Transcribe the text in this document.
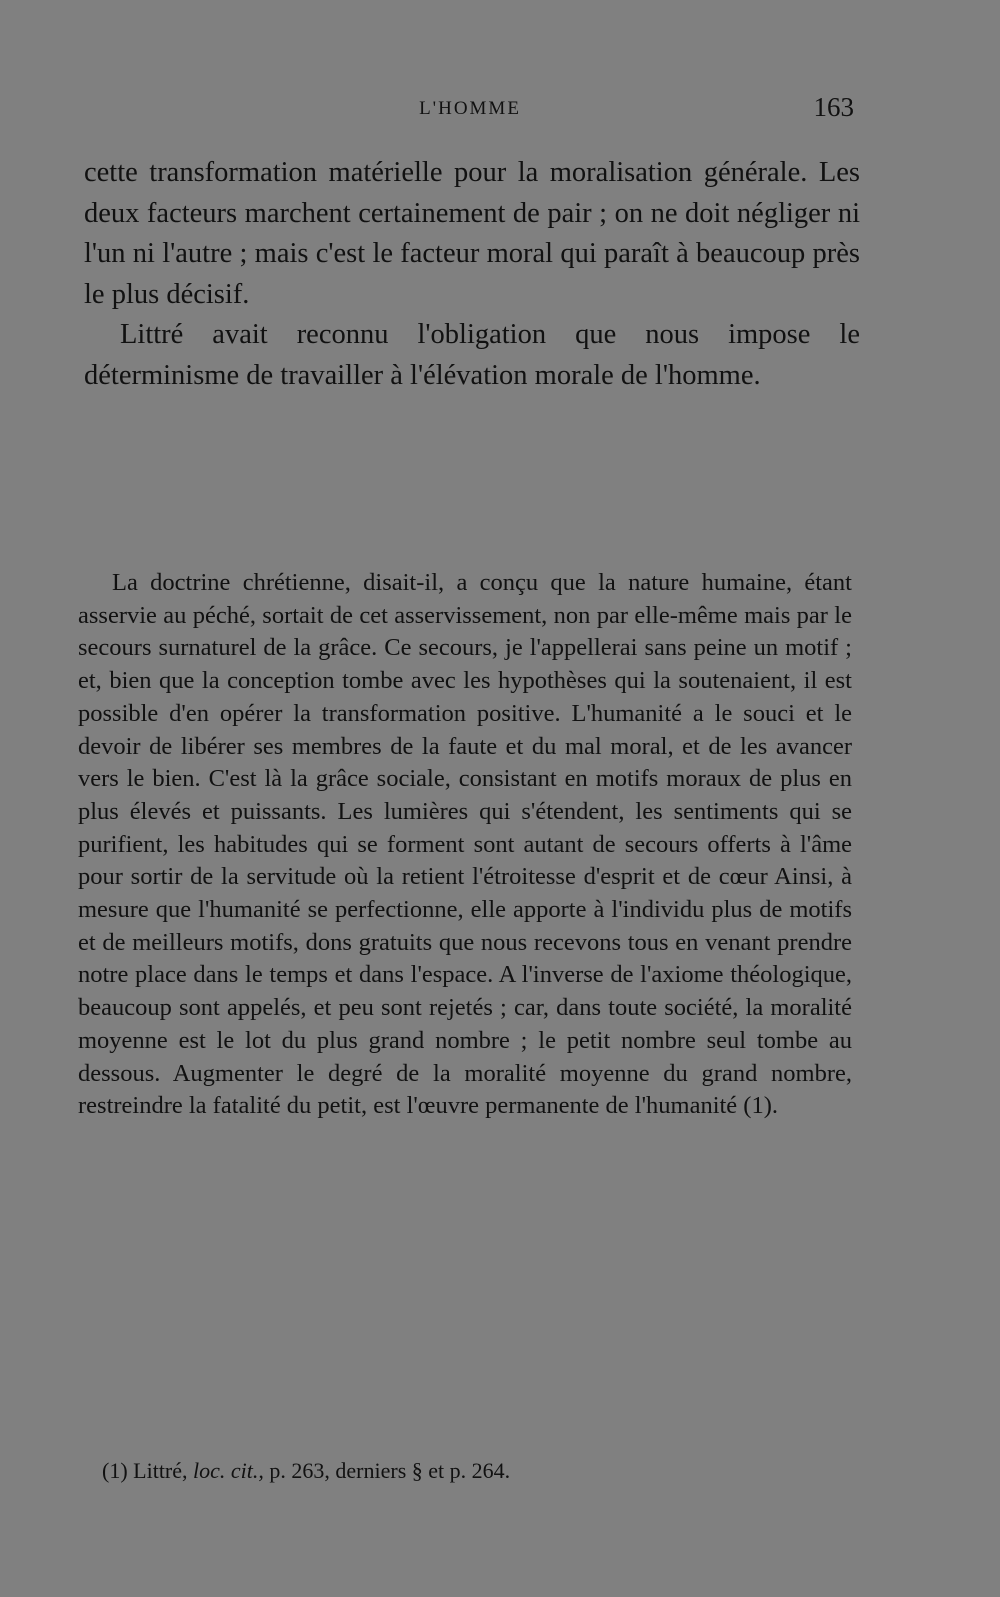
L'HOMME	163

cette transformation matérielle pour la moralisation générale. Les deux facteurs marchent certainement de pair ; on ne doit négliger ni l'un ni l'autre ; mais c'est le facteur moral qui paraît à beaucoup près le plus décisif.

Littré avait reconnu l'obligation que nous impose le déterminisme de travailler à l'élévation morale de l'homme.

La doctrine chrétienne, disait-il, a conçu que la nature humaine, étant asservie au péché, sortait de cet asservissement, non par elle-même mais par le secours surnaturel de la grâce. Ce secours, je l'appellerai sans peine un motif ; et, bien que la conception tombe avec les hypothèses qui la soutenaient, il est possible d'en opérer la transformation positive. L'humanité a le souci et le devoir de libérer ses membres de la faute et du mal moral, et de les avancer vers le bien. C'est là la grâce sociale, consistant en motifs moraux de plus en plus élevés et puissants. Les lumières qui s'étendent, les sentiments qui se purifient, les habitudes qui se forment sont autant de secours offerts à l'âme pour sortir de la servitude où la retient l'étroitesse d'esprit et de cœur Ainsi, à mesure que l'humanité se perfectionne, elle apporte à l'individu plus de motifs et de meilleurs motifs, dons gratuits que nous recevons tous en venant prendre notre place dans le temps et dans l'espace. A l'inverse de l'axiome théologique, beaucoup sont appelés, et peu sont rejetés ; car, dans toute société, la moralité moyenne est le lot du plus grand nombre ; le petit nombre seul tombe au dessous. Augmenter le degré de la moralité moyenne du grand nombre, restreindre la fatalité du petit, est l'œuvre permanente de l'humanité (1).

(1) Littré, loc. cit., p. 263, derniers § et p. 264.
